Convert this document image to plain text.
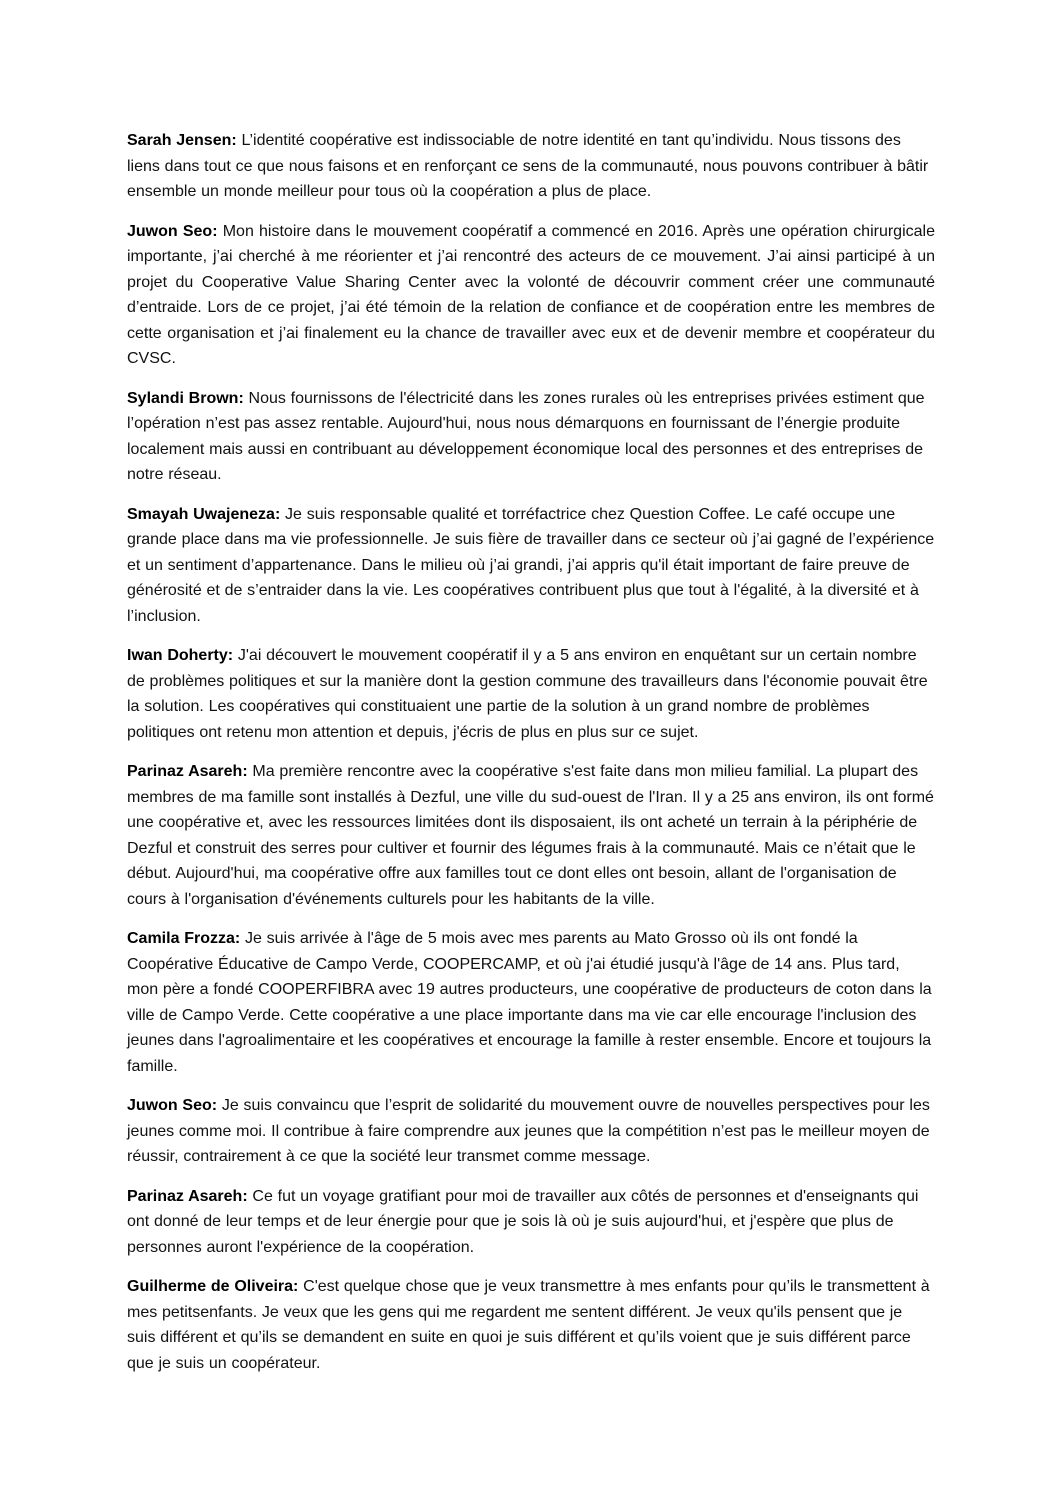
Sarah Jensen: L’identité coopérative est indissociable de notre identité en tant qu’individu. Nous tissons des liens dans tout ce que nous faisons et en renforçant ce sens de la communauté, nous pouvons contribuer à bâtir ensemble un monde meilleur pour tous où la coopération a plus de place.

Juwon Seo: Mon histoire dans le mouvement coopératif a commencé en 2016. Après une opération chirurgicale importante, j’ai cherché à me réorienter et j’ai rencontré des acteurs de ce mouvement. J’ai ainsi participé à un projet du Cooperative Value Sharing Center avec la volonté de découvrir comment créer une communauté d’entraide. Lors de ce projet, j’ai été témoin de la relation de confiance et de coopération entre les membres de cette organisation et j’ai finalement eu la chance de travailler avec eux et de devenir membre et coopérateur du CVSC.

Sylandi Brown: Nous fournissons de l'électricité dans les zones rurales où les entreprises privées estiment que l’opération n’est pas assez rentable. Aujourd'hui, nous nous démarquons en fournissant de l’énergie produite localement mais aussi en contribuant au développement économique local des personnes et des entreprises de notre réseau.

Smayah Uwajeneza: Je suis responsable qualité et torréfactrice chez Question Coffee. Le café occupe une grande place dans ma vie professionnelle. Je suis fière de travailler dans ce secteur où j’ai gagné de l’expérience et un sentiment d’appartenance. Dans le milieu où j’ai grandi, j’ai appris qu'il était important de faire preuve de générosité et de s’entraider dans la vie. Les coopératives contribuent plus que tout à l'égalité, à la diversité et à l’inclusion.

Iwan Doherty: J'ai découvert le mouvement coopératif il y a 5 ans environ en enquêtant sur un certain nombre de problèmes politiques et sur la manière dont la gestion commune des travailleurs dans l'économie pouvait être la solution. Les coopératives qui constituaient une partie de la solution à un grand nombre de problèmes politiques ont retenu mon attention et depuis, j'écris de plus en plus sur ce sujet.

Parinaz Asareh: Ma première rencontre avec la coopérative s'est faite dans mon milieu familial. La plupart des membres de ma famille sont installés à Dezful, une ville du sud-ouest de l'Iran. Il y a 25 ans environ, ils ont formé une coopérative et, avec les ressources limitées dont ils disposaient, ils ont acheté un terrain à la périphérie de Dezful et construit des serres pour cultiver et fournir des légumes frais à la communauté. Mais ce n’était que le début. Aujourd'hui, ma coopérative offre aux familles tout ce dont elles ont besoin, allant de l'organisation de cours à l'organisation d'événements culturels pour les habitants de la ville.

Camila Frozza: Je suis arrivée à l'âge de 5 mois avec mes parents au Mato Grosso où ils ont fondé la Coopérative Éducative de Campo Verde, COOPERCAMP, et où j'ai étudié jusqu'à l'âge de 14 ans. Plus tard, mon père a fondé COOPERFIBRA avec 19 autres producteurs, une coopérative de producteurs de coton dans la ville de Campo Verde. Cette coopérative a une place importante dans ma vie car elle encourage l'inclusion des jeunes dans l'agroalimentaire et les coopératives et encourage la famille à rester ensemble. Encore et toujours la famille.

Juwon Seo: Je suis convaincu que l’esprit de solidarité du mouvement ouvre de nouvelles perspectives pour les jeunes comme moi. Il contribue à faire comprendre aux jeunes que la compétition n’est pas le meilleur moyen de réussir, contrairement à ce que la société leur transmet comme message.

Parinaz Asareh: Ce fut un voyage gratifiant pour moi de travailler aux côtés de personnes et d'enseignants qui ont donné de leur temps et de leur énergie pour que je sois là où je suis aujourd'hui, et j'espère que plus de personnes auront l'expérience de la coopération.

Guilherme de Oliveira: C'est quelque chose que je veux transmettre à mes enfants pour qu’ils le transmettent à mes petitsenfants. Je veux que les gens qui me regardent me sentent différent. Je veux qu'ils pensent que je suis différent et qu’ils se demandent en suite en quoi je suis différent et qu’ils voient que je suis différent parce que je suis un coopérateur.
